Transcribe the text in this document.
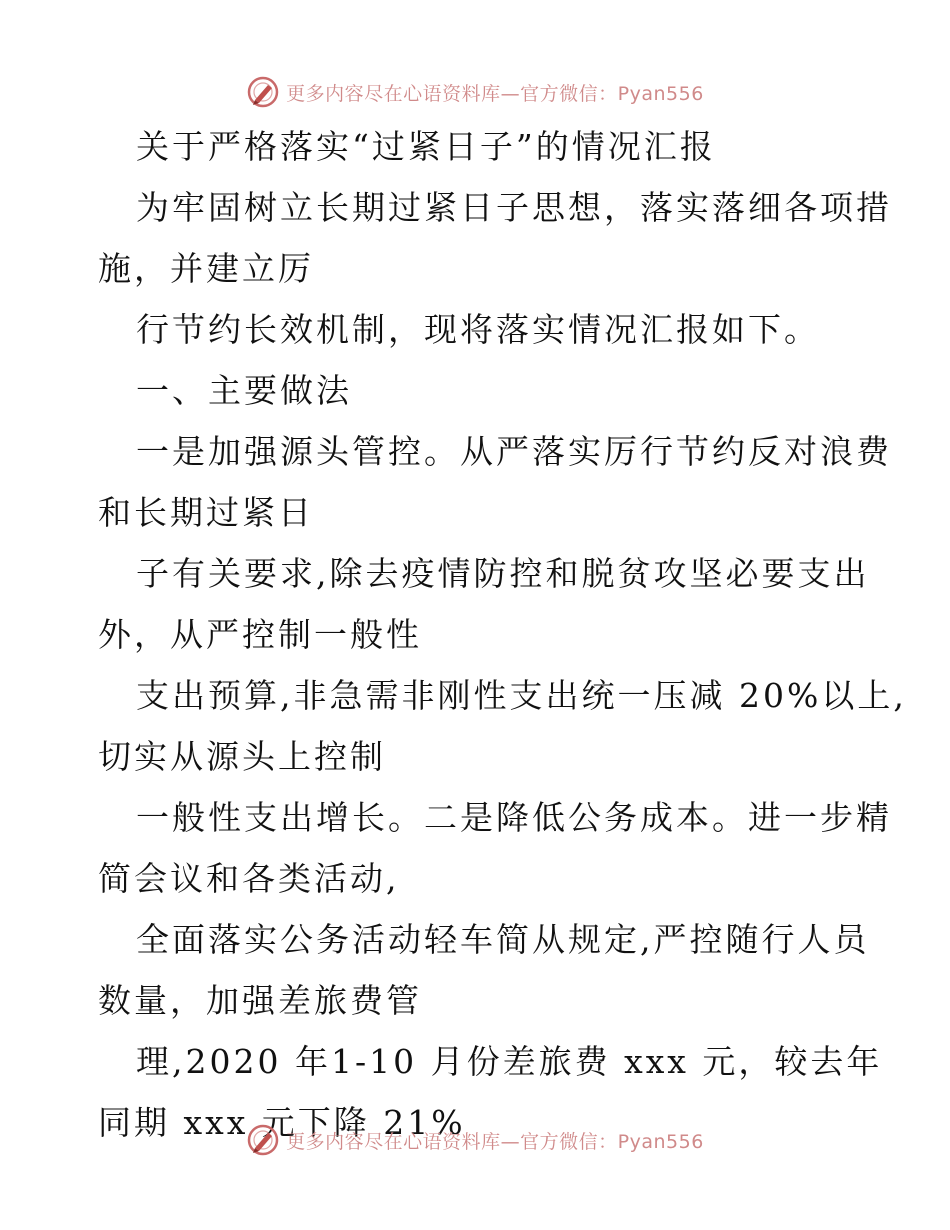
更多内容尽在心语资料库—官方微信：Pyan556
关于严格落实“过紧日子”的情况汇报
为牢固树立长期过紧日子思想，落实落细各项措
施，并建立厉
行节约长效机制，现将落实情况汇报如下。
一、主要做法
一是加强源头管控。从严落实厉行节约反对浪费
和长期过紧日
子有关要求,除去疫情防控和脱贫攻坚必要支出
外，从严控制一般性
支出预算,非急需非刚性支出统一压减 20%以上,
切实从源头上控制
一般性支出增长。二是降低公务成本。进一步精
简会议和各类活动,
全面落实公务活动轻车简从规定,严控随行人员
数量，加强差旅费管
理,2020 年1-10 月份差旅费 xxx 元，较去年
同期 xxx 元下降 21%
更多内容尽在心语资料库—官方微信：Pyan556
